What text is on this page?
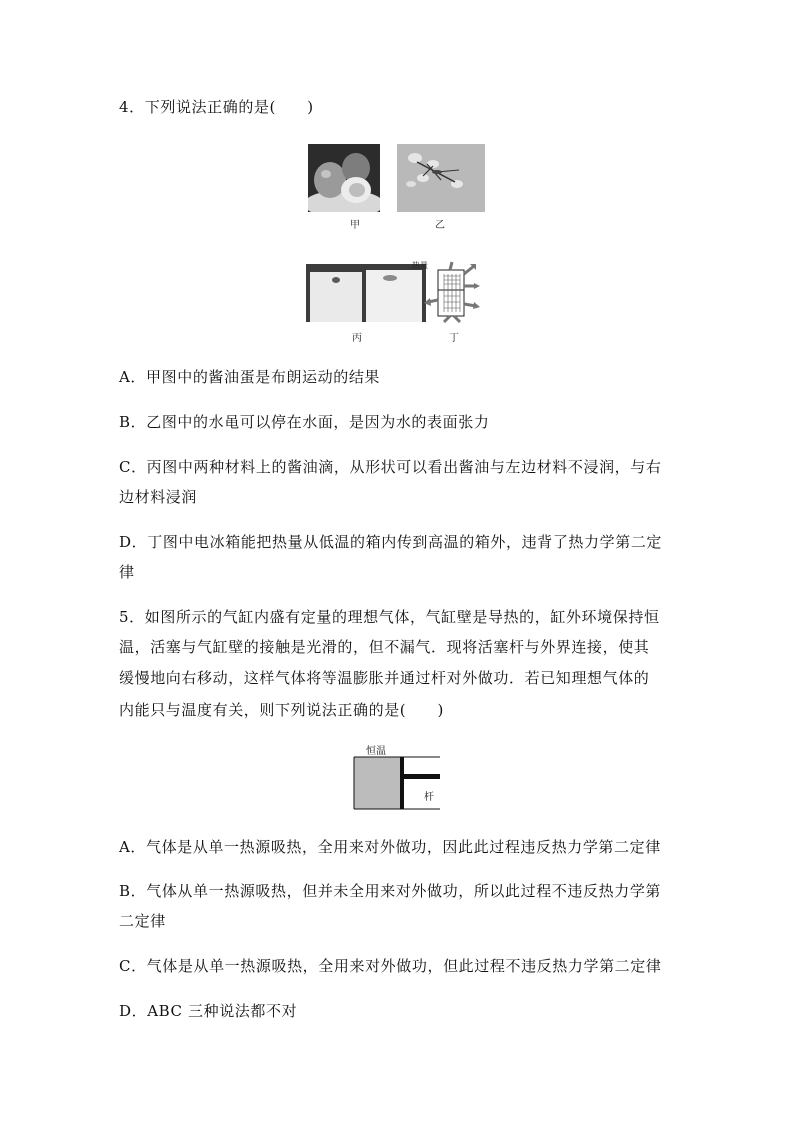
4．下列说法正确的是(　　)
甲	乙
丙
热量
丁
A．甲图中的酱油蛋是布朗运动的结果
B．乙图中的水黾可以停在水面，是因为水的表面张力
C．丙图中两种材料上的酱油滴，从形状可以看出酱油与左边材料不浸润，与右
边材料浸润
D．丁图中电冰箱能把热量从低温的箱内传到高温的箱外，违背了热力学第二定
律
5．如图所示的气缸内盛有定量的理想气体，气缸壁是导热的，缸外环境保持恒
温，活塞与气缸壁的接触是光滑的，但不漏气．现将活塞杆与外界连接，使其
缓慢地向右移动，这样气体将等温膨胀并通过杆对外做功．若已知理想气体的
内能只与温度有关，则下列说法正确的是(　　)
恒温
杆
A．气体是从单一热源吸热，全用来对外做功，因此此过程违反热力学第二定律
B．气体从单一热源吸热，但并未全用来对外做功，所以此过程不违反热力学第
二定律
C．气体是从单一热源吸热，全用来对外做功，但此过程不违反热力学第二定律
D．ABC 三种说法都不对
